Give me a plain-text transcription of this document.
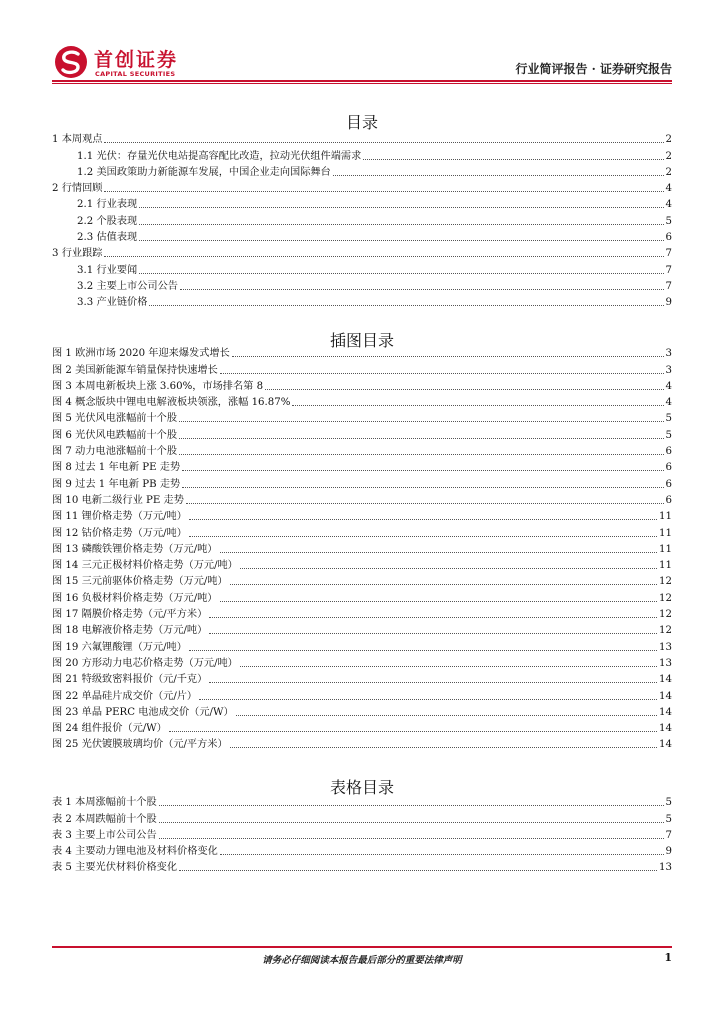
首创证券
CAPITAL SECURITIES	行业简评报告 · 证券研究报告
目录
1 本周观点	2
1.1 光伏：存量光伏电站提高容配比改造，拉动光伏组件端需求	2
1.2 美国政策助力新能源车发展，中国企业走向国际舞台	2
2 行情回顾	4
2.1 行业表现	4
2.2 个股表现	5
2.3 估值表现	6
3 行业跟踪	7
3.1 行业要闻	7
3.2 主要上市公司公告	7
3.3 产业链价格	9
插图目录
图 1 欧洲市场 2020 年迎来爆发式增长	3
图 2 美国新能源车销量保持快速增长	3
图 3 本周电新板块上涨 3.60%，市场排名第 8	4
图 4 概念版块中锂电电解液板块领涨，涨幅 16.87%	4
图 5 光伏风电涨幅前十个股	5
图 6 光伏风电跌幅前十个股	5
图 7 动力电池涨幅前十个股	6
图 8 过去 1 年电新 PE 走势	6
图 9 过去 1 年电新 PB 走势	6
图 10 电新二级行业 PE 走势	6
图 11 锂价格走势（万元/吨）	11
图 12 钴价格走势（万元/吨）	11
图 13 磷酸铁锂价格走势（万元/吨）	11
图 14 三元正极材料价格走势（万元/吨）	11
图 15 三元前驱体价格走势（万元/吨）	12
图 16 负极材料价格走势（万元/吨）	12
图 17 隔膜价格走势（元/平方米）	12
图 18 电解液价格走势（万元/吨）	12
图 19 六氟锂酸锂（万元/吨）	13
图 20 方形动力电芯价格走势（万元/吨）	13
图 21 特级致密料报价（元/千克）	14
图 22 单晶硅片成交价（元/片）	14
图 23 单晶 PERC 电池成交价（元/W）	14
图 24 组件报价（元/W）	14
图 25 光伏镀膜玻璃均价（元/平方米）	14
表格目录
表 1 本周涨幅前十个股	5
表 2 本周跌幅前十个股	5
表 3 主要上市公司公告	7
表 4 主要动力锂电池及材料价格变化	9
表 5 主要光伏材料价格变化	13
请务必仔细阅读本报告最后部分的重要法律声明	1
